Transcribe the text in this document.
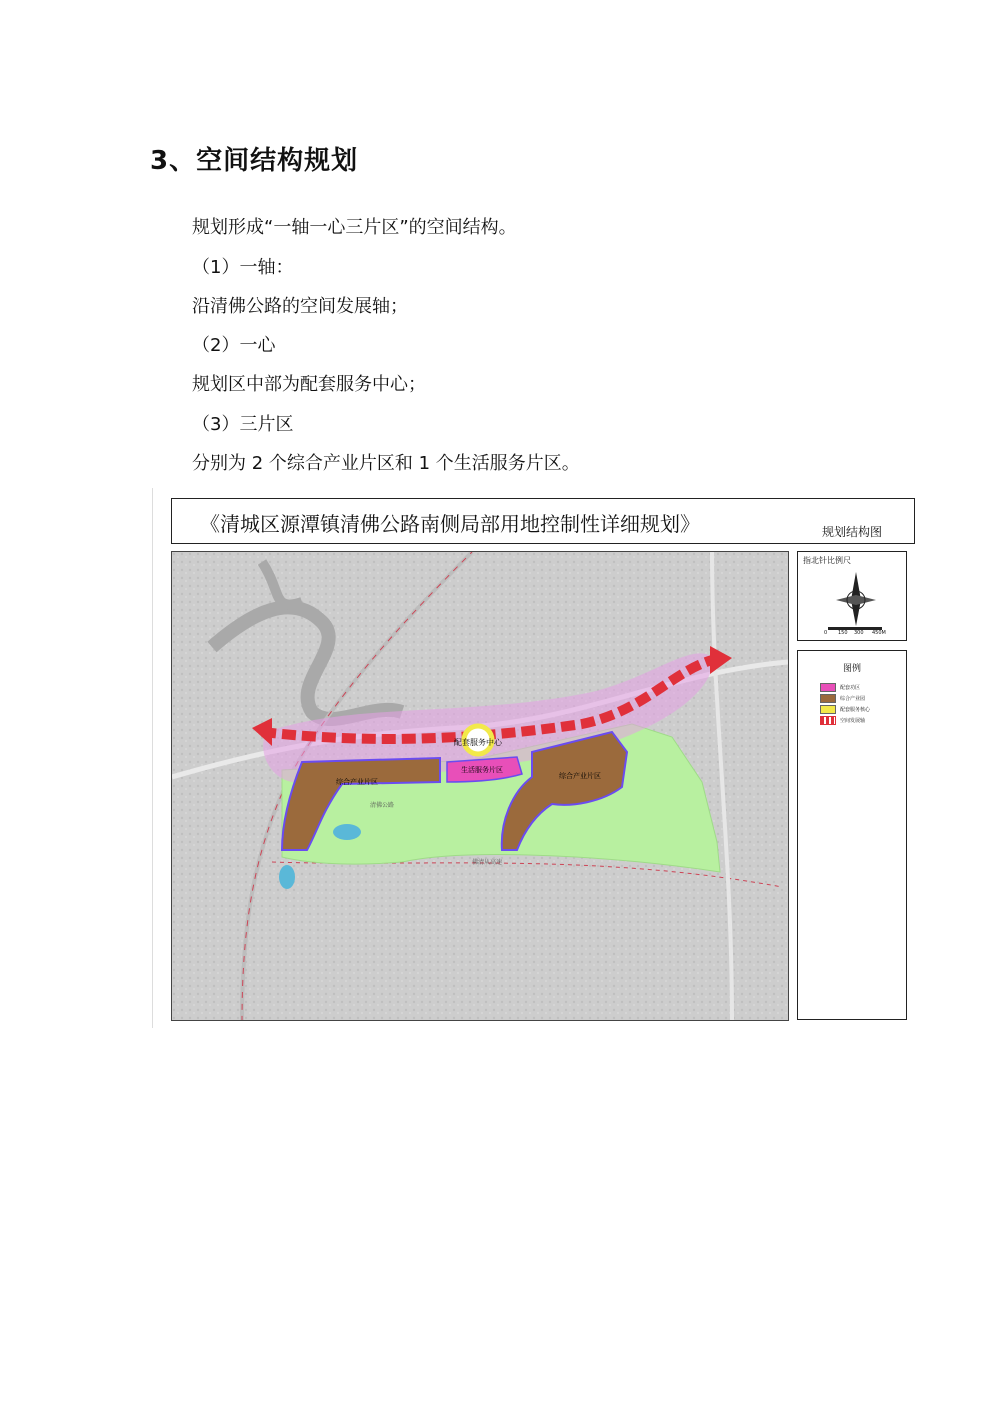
3、空间结构规划
规划形成“一轴一心三片区”的空间结构。
（1）一轴：
沿清佛公路的空间发展轴；
（2）一心
规划区中部为配套服务中心；
（3）三片区
分别为 2 个综合产业片区和 1 个生活服务片区。
《清城区源潭镇清佛公路南侧局部用地控制性详细规划》	规划结构图
配套服务中心
生活服务片区
综合产业片区
综合产业片区
清佛公路
佛清从高速
指北针比例尺
0 150 300 450M
图例
配套功区
综合产业园
配套服务核心
空间发展轴
